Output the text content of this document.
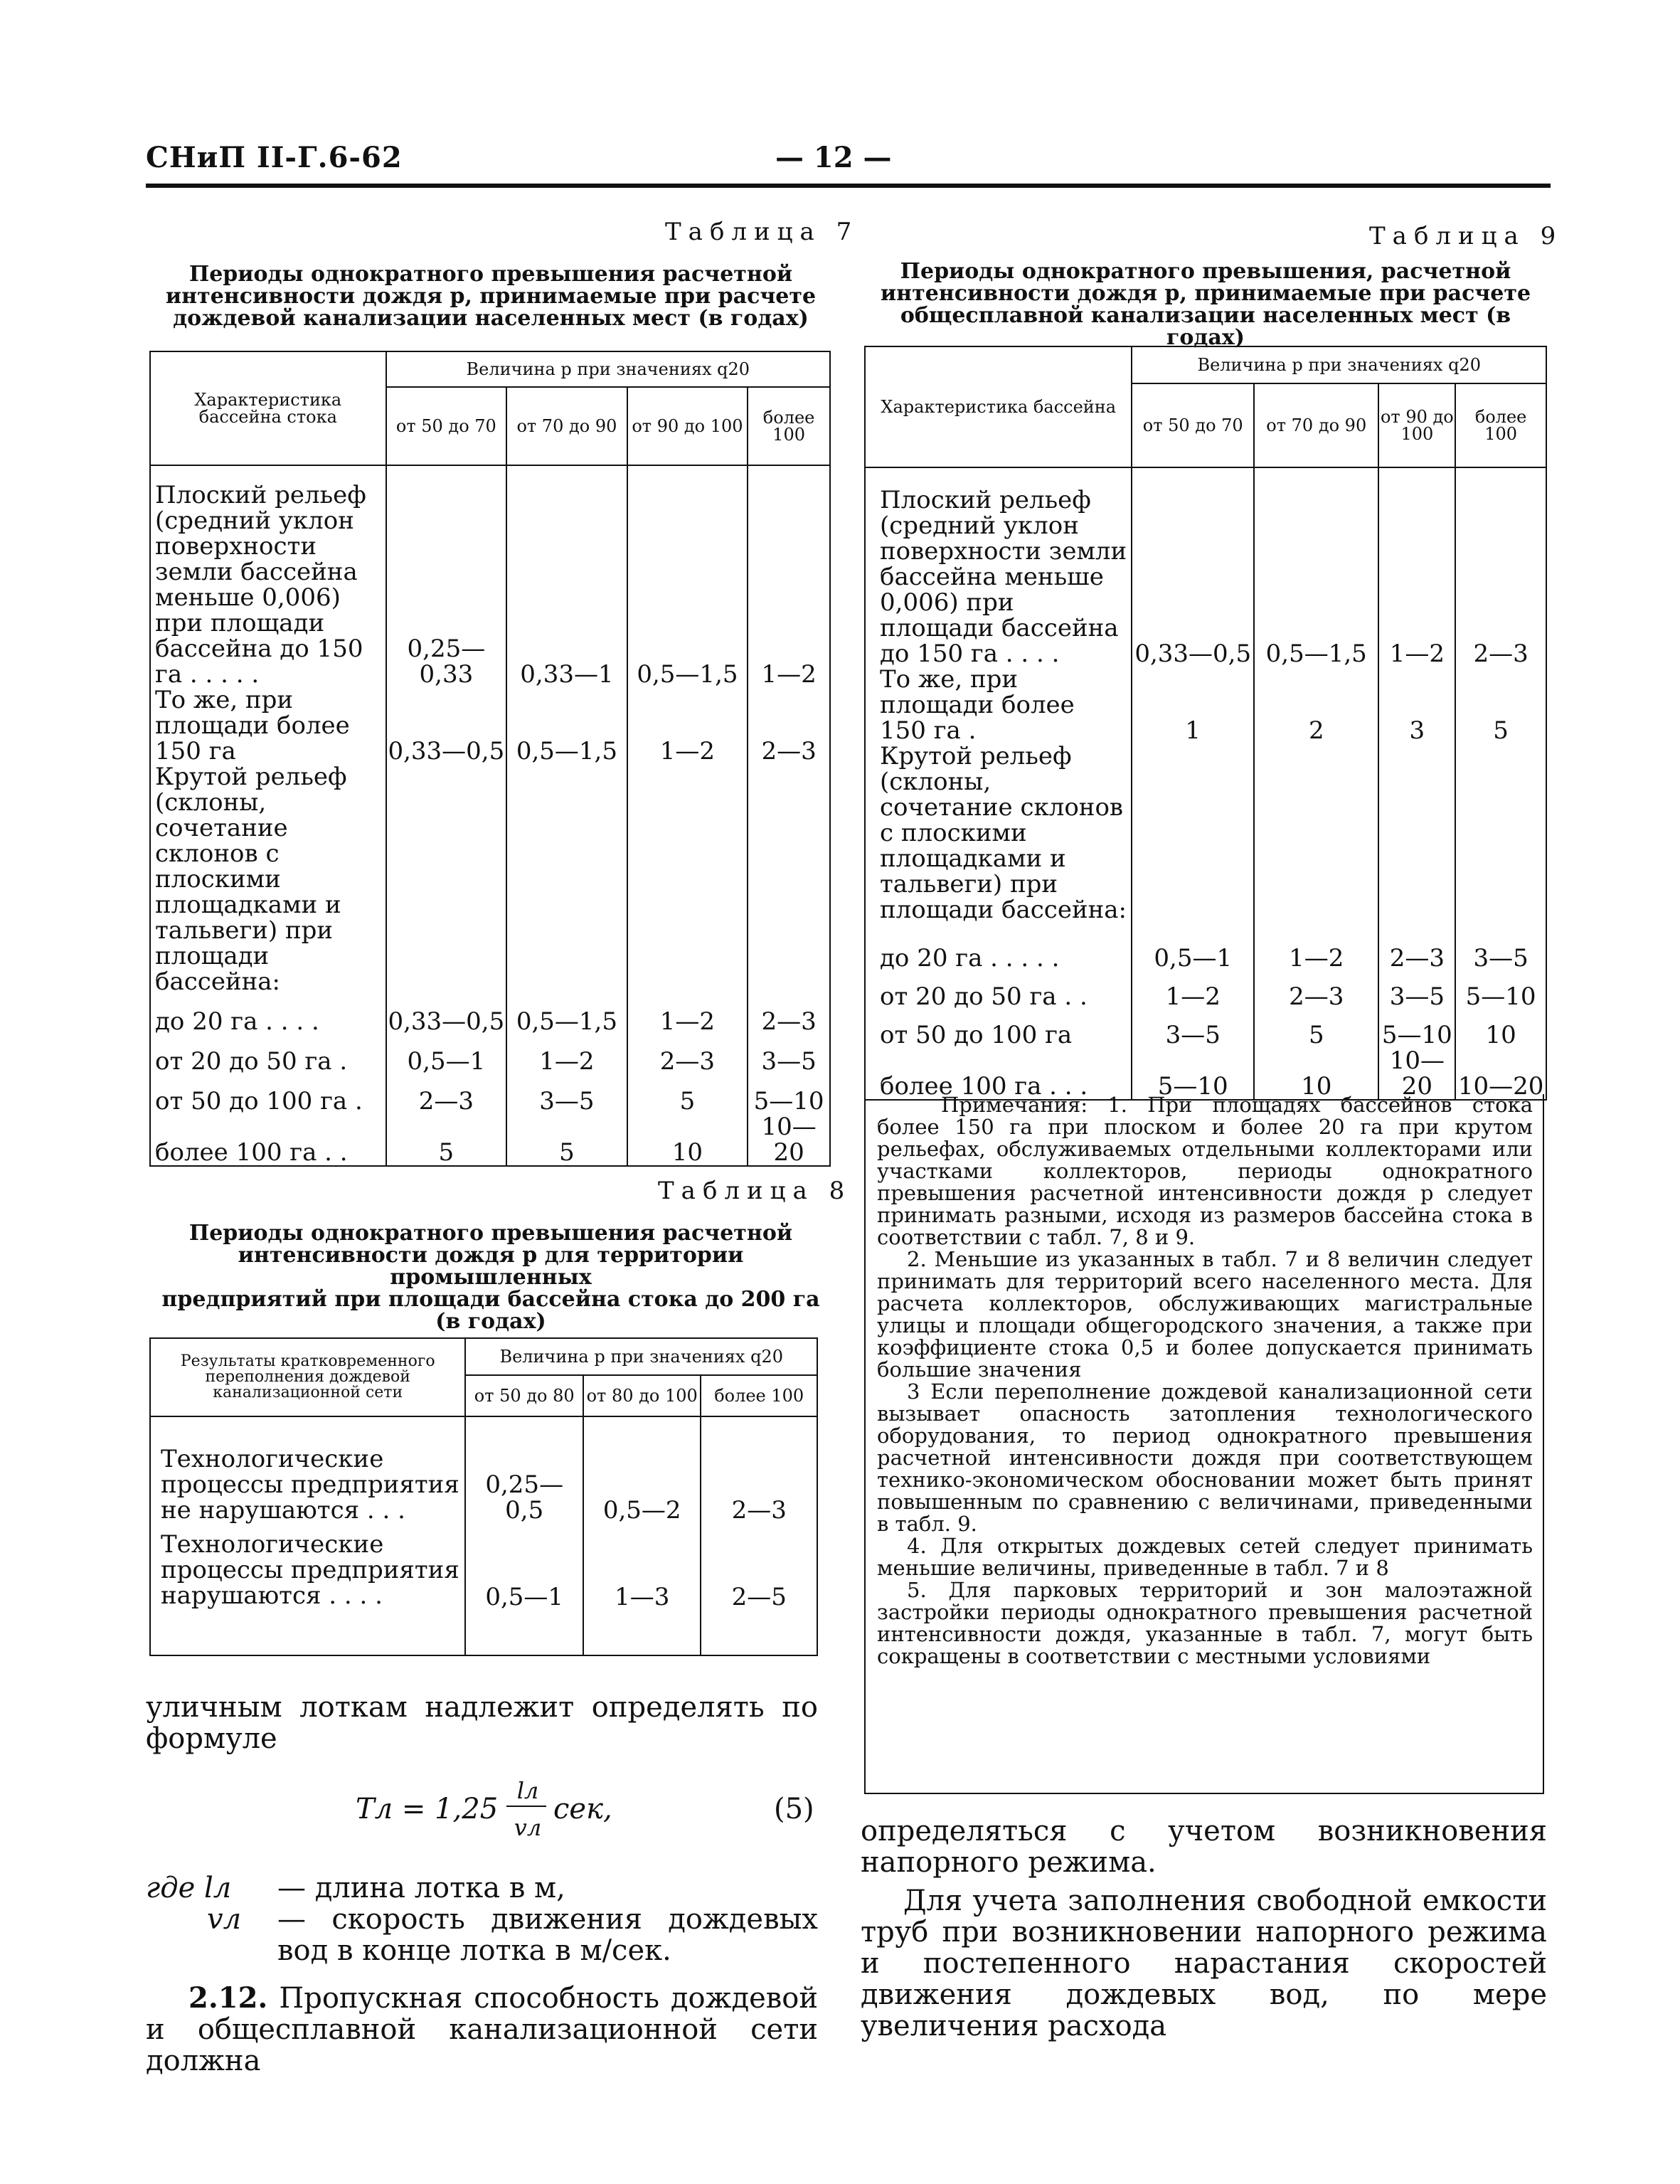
СНиП II-Г.6-62	— 12 —
Таблица 7
Периоды однократного превышения расчетной
интенсивности дождя p, принимаемые при расчете
дождевой канализации населенных мест (в годах)
Характеристика бассейна стока	Величина p при значениях q20			
	от 50 до 70	от 70 до 90	от 90 до 100	более 100
Плоский рельеф (средний уклон поверхности земли бассейна меньше 0,006) при площади бассейна до 150 га . . . . .	0,25—0,33	0,33—1	0,5—1,5	1—2
То же, при площади более 150 га	0,33—0,5	0,5—1,5	1—2	2—3
Крутой рельеф (склоны, сочетание склонов с плоскими площадками и тальвеги) при площади бассейна:				
до 20 га . . . .	0,33—0,5	0,5—1,5	1—2	2—3
от 20 до 50 га .	0,5—1	1—2	2—3	3—5
от 50 до 100 га .	2—3	3—5	5	5—10
более 100 га . .	5	5	10	10—20
Таблица 8
Периоды однократного превышения расчетной
интенсивности дождя p для территории промышленных
предприятий при площади бассейна стока до 200 га
(в годах)
Результаты кратковременного переполнения дождевой канализационной сети	Величина p при значениях q20		
	от 50 до 80	от 80 до 100	более 100
Технологические процессы предприятия не нарушаются . . .	0,25—0,5	0,5—2	2—3
Технологические процессы предприятия нарушаются . . . .	0,5—1	1—3	2—5
уличным лоткам надлежит определять по формуле
Tл = 1,25
lл
vл
сек,	(5)
где lл — длина лотка в м,
vл — скорость движения дождевых вод в конце лотка в м/сек.
2.12. Пропускная способность дождевой и общесплавной канализационной сети должна
Таблица 9
Периоды однократного превышения, расчетной
интенсивности дождя p, принимаемые при расчете
общесплавной канализации населенных мест (в годах)
Характеристика бассейна	Величина p при значениях q20			
	от 50 до 70	от 70 до 90	от 90 до 100	более 100
Плоский рельеф (средний уклон поверхности земли бассейна меньше 0,006) при площади бассейна до 150 га . . . .	0,33—0,5	0,5—1,5	1—2	2—3
То же, при площади более 150 га .	1	2	3	5
Крутой рельеф (склоны, сочетание склонов с плоскими площадками и тальвеги) при площади бассейна:				
до 20 га . . . . .	0,5—1	1—2	2—3	3—5
от 20 до 50 га . .	1—2	2—3	3—5	5—10
от 50 до 100 га	3—5	5	5—10	10
более 100 га . . .	5—10	10	10—20	10—20

Примечания: 1. При площадях бассейнов стока более 150 га при плоском и более 20 га при крутом рельефах, обслуживаемых отдельными коллекторами или участками коллекторов, периоды однократного превышения расчетной интенсивности дождя p следует принимать разными, исходя из размеров бассейна стока в соответствии с табл. 7, 8 и 9.

2. Меньшие из указанных в табл. 7 и 8 величин следует принимать для территорий всего населенного места. Для расчета коллекторов, обслуживающих магистральные улицы и площади общегородского значения, а также при коэффициенте стока 0,5 и более допускается принимать большие значения

3 Если переполнение дождевой канализационной сети вызывает опасность затопления технологического оборудования, то период однократного превышения расчетной интенсивности дождя при соответствующем технико-экономическом обосновании может быть принят повышенным по сравнению с величинами, приведенными в табл. 9.

4. Для открытых дождевых сетей следует принимать меньшие величины, приведенные в табл. 7 и 8

5. Для парковых территорий и зон малоэтажной застройки периоды однократного превышения расчетной интенсивности дождя, указанные в табл. 7, могут быть сокращены в соответствии с местными условиями

определяться с учетом возникновения напорного режима.
Для учета заполнения свободной емкости труб при возникновении напорного режима и постепенного нарастания скоростей движения дождевых вод, по мере увеличения расхода
